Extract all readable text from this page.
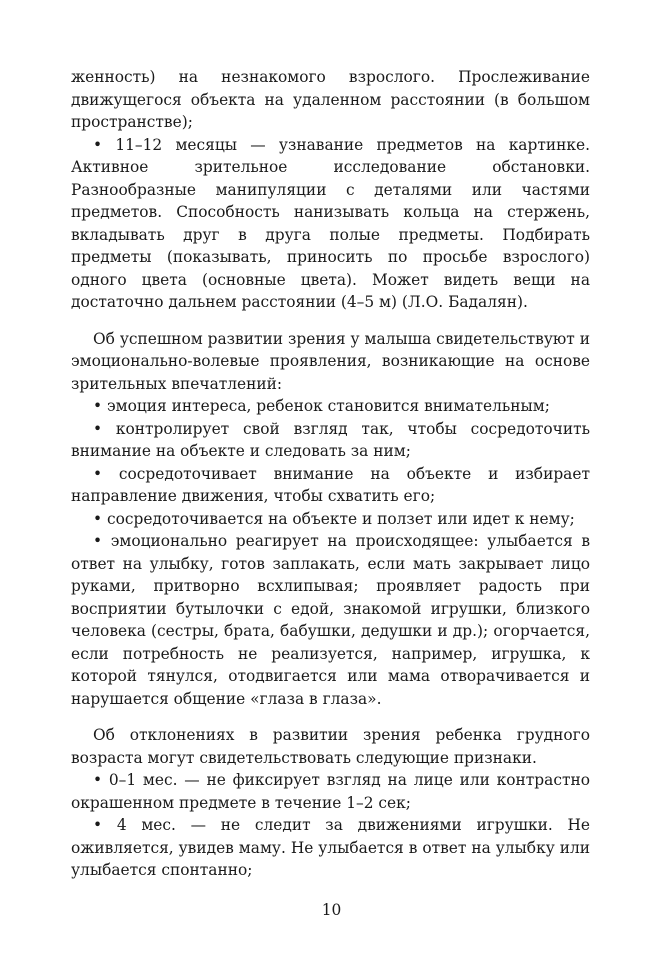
женность) на незнакомого взрослого. Прослеживание движущегося объекта на удаленном расстоянии (в большом пространстве);

• 11–12 месяцы — узнавание предметов на картинке. Активное зрительное исследование обстановки. Разнообразные манипуляции с деталями или частями предметов. Способность нанизывать кольца на стержень, вкладывать друг в друга полые предметы. Подбирать предметы (показывать, приносить по просьбе взрослого) одного цвета (основные цвета). Может видеть вещи на достаточно дальнем расстоянии (4–5 м) (Л.О. Бадалян).

Об успешном развитии зрения у малыша свидетельствуют и эмоционально-волевые проявления, возникающие на основе зрительных впечатлений:

• эмоция интереса, ребенок становится внимательным;

• контролирует свой взгляд так, чтобы сосредоточить внимание на объекте и следовать за ним;

• сосредоточивает внимание на объекте и избирает направление движения, чтобы схватить его;

• сосредоточивается на объекте и ползет или идет к нему;

• эмоционально реагирует на происходящее: улыбается в ответ на улыбку, готов заплакать, если мать закрывает лицо руками, притворно всхлипывая; проявляет радость при восприятии бутылочки с едой, знакомой игрушки, близкого человека (сестры, брата, бабушки, дедушки и др.); огорчается, если потребность не реализуется, например, игрушка, к которой тянулся, отодвигается или мама отворачивается и нарушается общение «глаза в глаза».

Об отклонениях в развитии зрения ребенка грудного возраста могут свидетельствовать следующие признаки.

• 0–1 мес. — не фиксирует взгляд на лице или контрастно окрашенном предмете в течение 1–2 сек;

• 4 мес. — не следит за движениями игрушки. Не оживляется, увидев маму. Не улыбается в ответ на улыбку или улыбается спонтанно;

10
